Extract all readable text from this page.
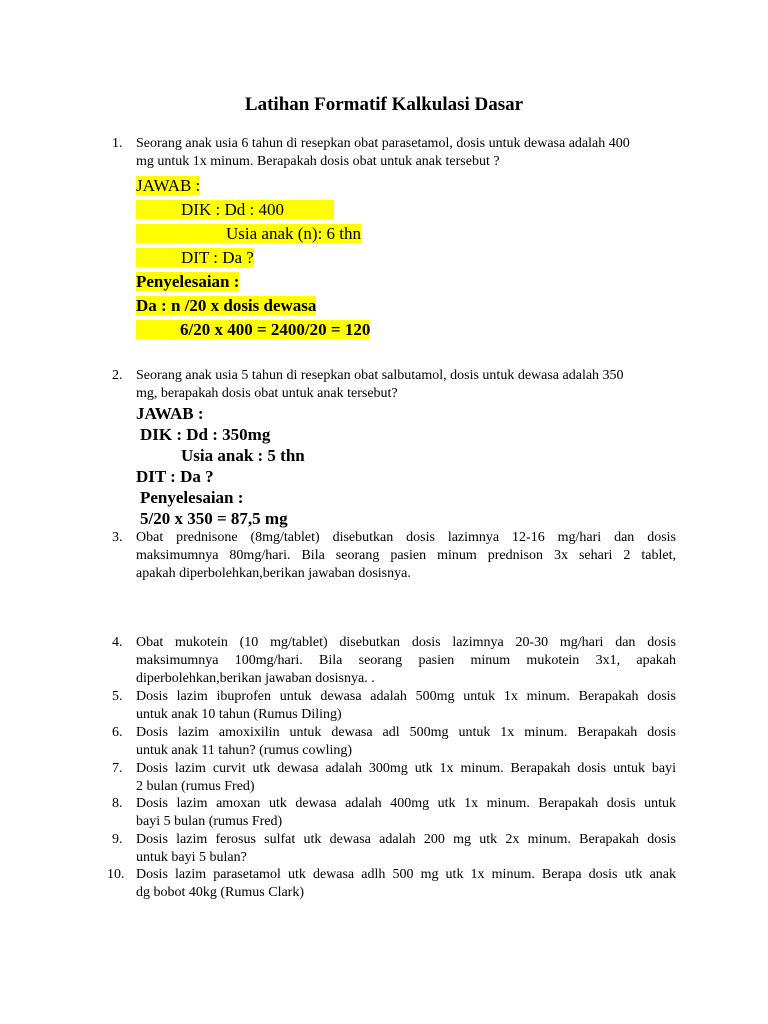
Latihan Formatif Kalkulasi Dasar
1. Seorang anak usia 6 tahun di resepkan obat parasetamol, dosis untuk dewasa adalah 400
mg untuk 1x minum. Berapakah dosis obat untuk anak tersebut ?
JAWAB :
DIK : Dd : 400
Usia anak (n): 6 thn
DIT : Da ?
Penyelesaian :
Da : n /20 x dosis dewasa
6/20 x 400 = 2400/20 = 120
2. Seorang anak usia 5 tahun di resepkan obat salbutamol, dosis untuk dewasa adalah 350
mg, berapakah dosis obat untuk anak tersebut?
JAWAB :
DIK : Dd : 350mg
Usia anak : 5 thn
DIT : Da ?
Penyelesaian :
5/20 x 350 = 87,5 mg
3. Obat prednisone (8mg/tablet) disebutkan dosis lazimnya 12-16 mg/hari dan dosis
maksimumnya 80mg/hari. Bila seorang pasien minum prednison 3x sehari 2 tablet,
apakah diperbolehkan,berikan jawaban dosisnya.
4. Obat mukotein (10 mg/tablet) disebutkan dosis lazimnya 20-30 mg/hari dan dosis
maksimumnya 100mg/hari. Bila seorang pasien minum mukotein 3x1, apakah
diperbolehkan,berikan jawaban dosisnya. .
5. Dosis lazim ibuprofen untuk dewasa adalah 500mg untuk 1x minum. Berapakah dosis
untuk anak 10 tahun (Rumus Diling)
6. Dosis lazim amoxixilin untuk dewasa adl 500mg untuk 1x minum. Berapakah dosis
untuk anak 11 tahun? (rumus cowling)
7. Dosis lazim curvit utk dewasa adalah 300mg utk 1x minum. Berapakah dosis untuk bayi
2 bulan (rumus Fred)
8. Dosis lazim amoxan utk dewasa adalah 400mg utk 1x minum. Berapakah dosis untuk
bayi 5 bulan (rumus Fred)
9. Dosis lazim ferosus sulfat utk dewasa adalah 200 mg utk 2x minum. Berapakah dosis
untuk bayi 5 bulan?
10. Dosis lazim parasetamol utk dewasa adlh 500 mg utk 1x minum. Berapa dosis utk anak
dg bobot 40kg (Rumus Clark)
